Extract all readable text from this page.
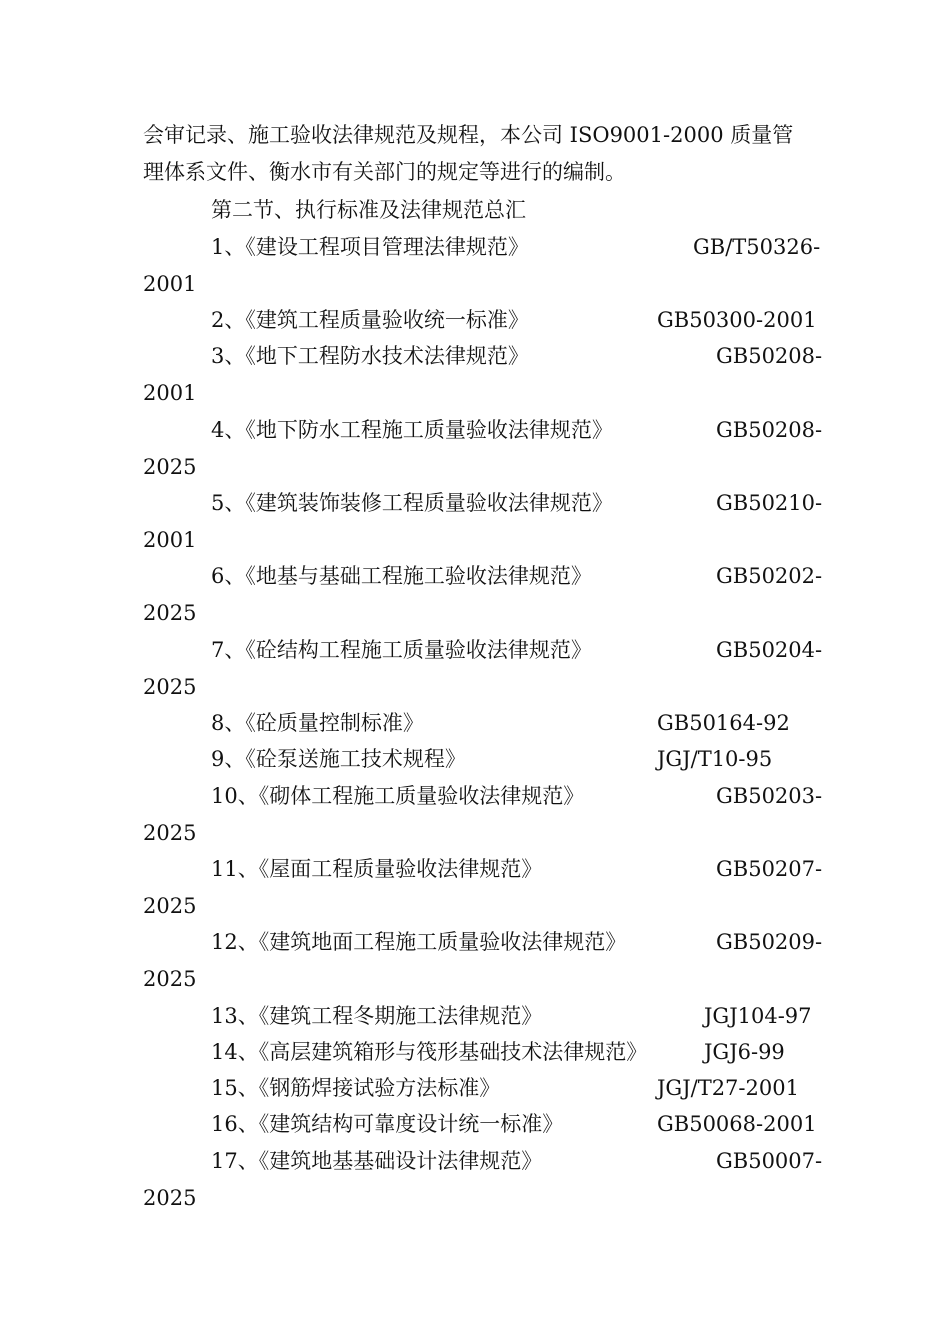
会审记录、施工验收法律规范及规程，本公司 ISO9001-2000 质量管
理体系文件、衡水市有关部门的规定等进行的编制。
第二节、执行标准及法律规范总汇
1、《建设工程项目管理法律规范》	GB/T50326-
2001
2、《建筑工程质量验收统一标准》	GB50300-2001
3、《地下工程防水技术法律规范》	GB50208-
2001
4、《地下防水工程施工质量验收法律规范》	GB50208-
2025
5、《建筑装饰装修工程质量验收法律规范》	GB50210-
2001
6、《地基与基础工程施工验收法律规范》	GB50202-
2025
7、《砼结构工程施工质量验收法律规范》	GB50204-
2025
8、《砼质量控制标准》	GB50164-92
9、《砼泵送施工技术规程》	JGJ/T10-95
10、《砌体工程施工质量验收法律规范》	GB50203-
2025
11、《屋面工程质量验收法律规范》	GB50207-
2025
12、《建筑地面工程施工质量验收法律规范》	GB50209-
2025
13、《建筑工程冬期施工法律规范》	JGJ104-97
14、《高层建筑箱形与筏形基础技术法律规范》	JGJ6-99
15、《钢筋焊接试验方法标准》	JGJ/T27-2001
16、《建筑结构可靠度设计统一标准》	GB50068-2001
17、《建筑地基基础设计法律规范》	GB50007-
2025
